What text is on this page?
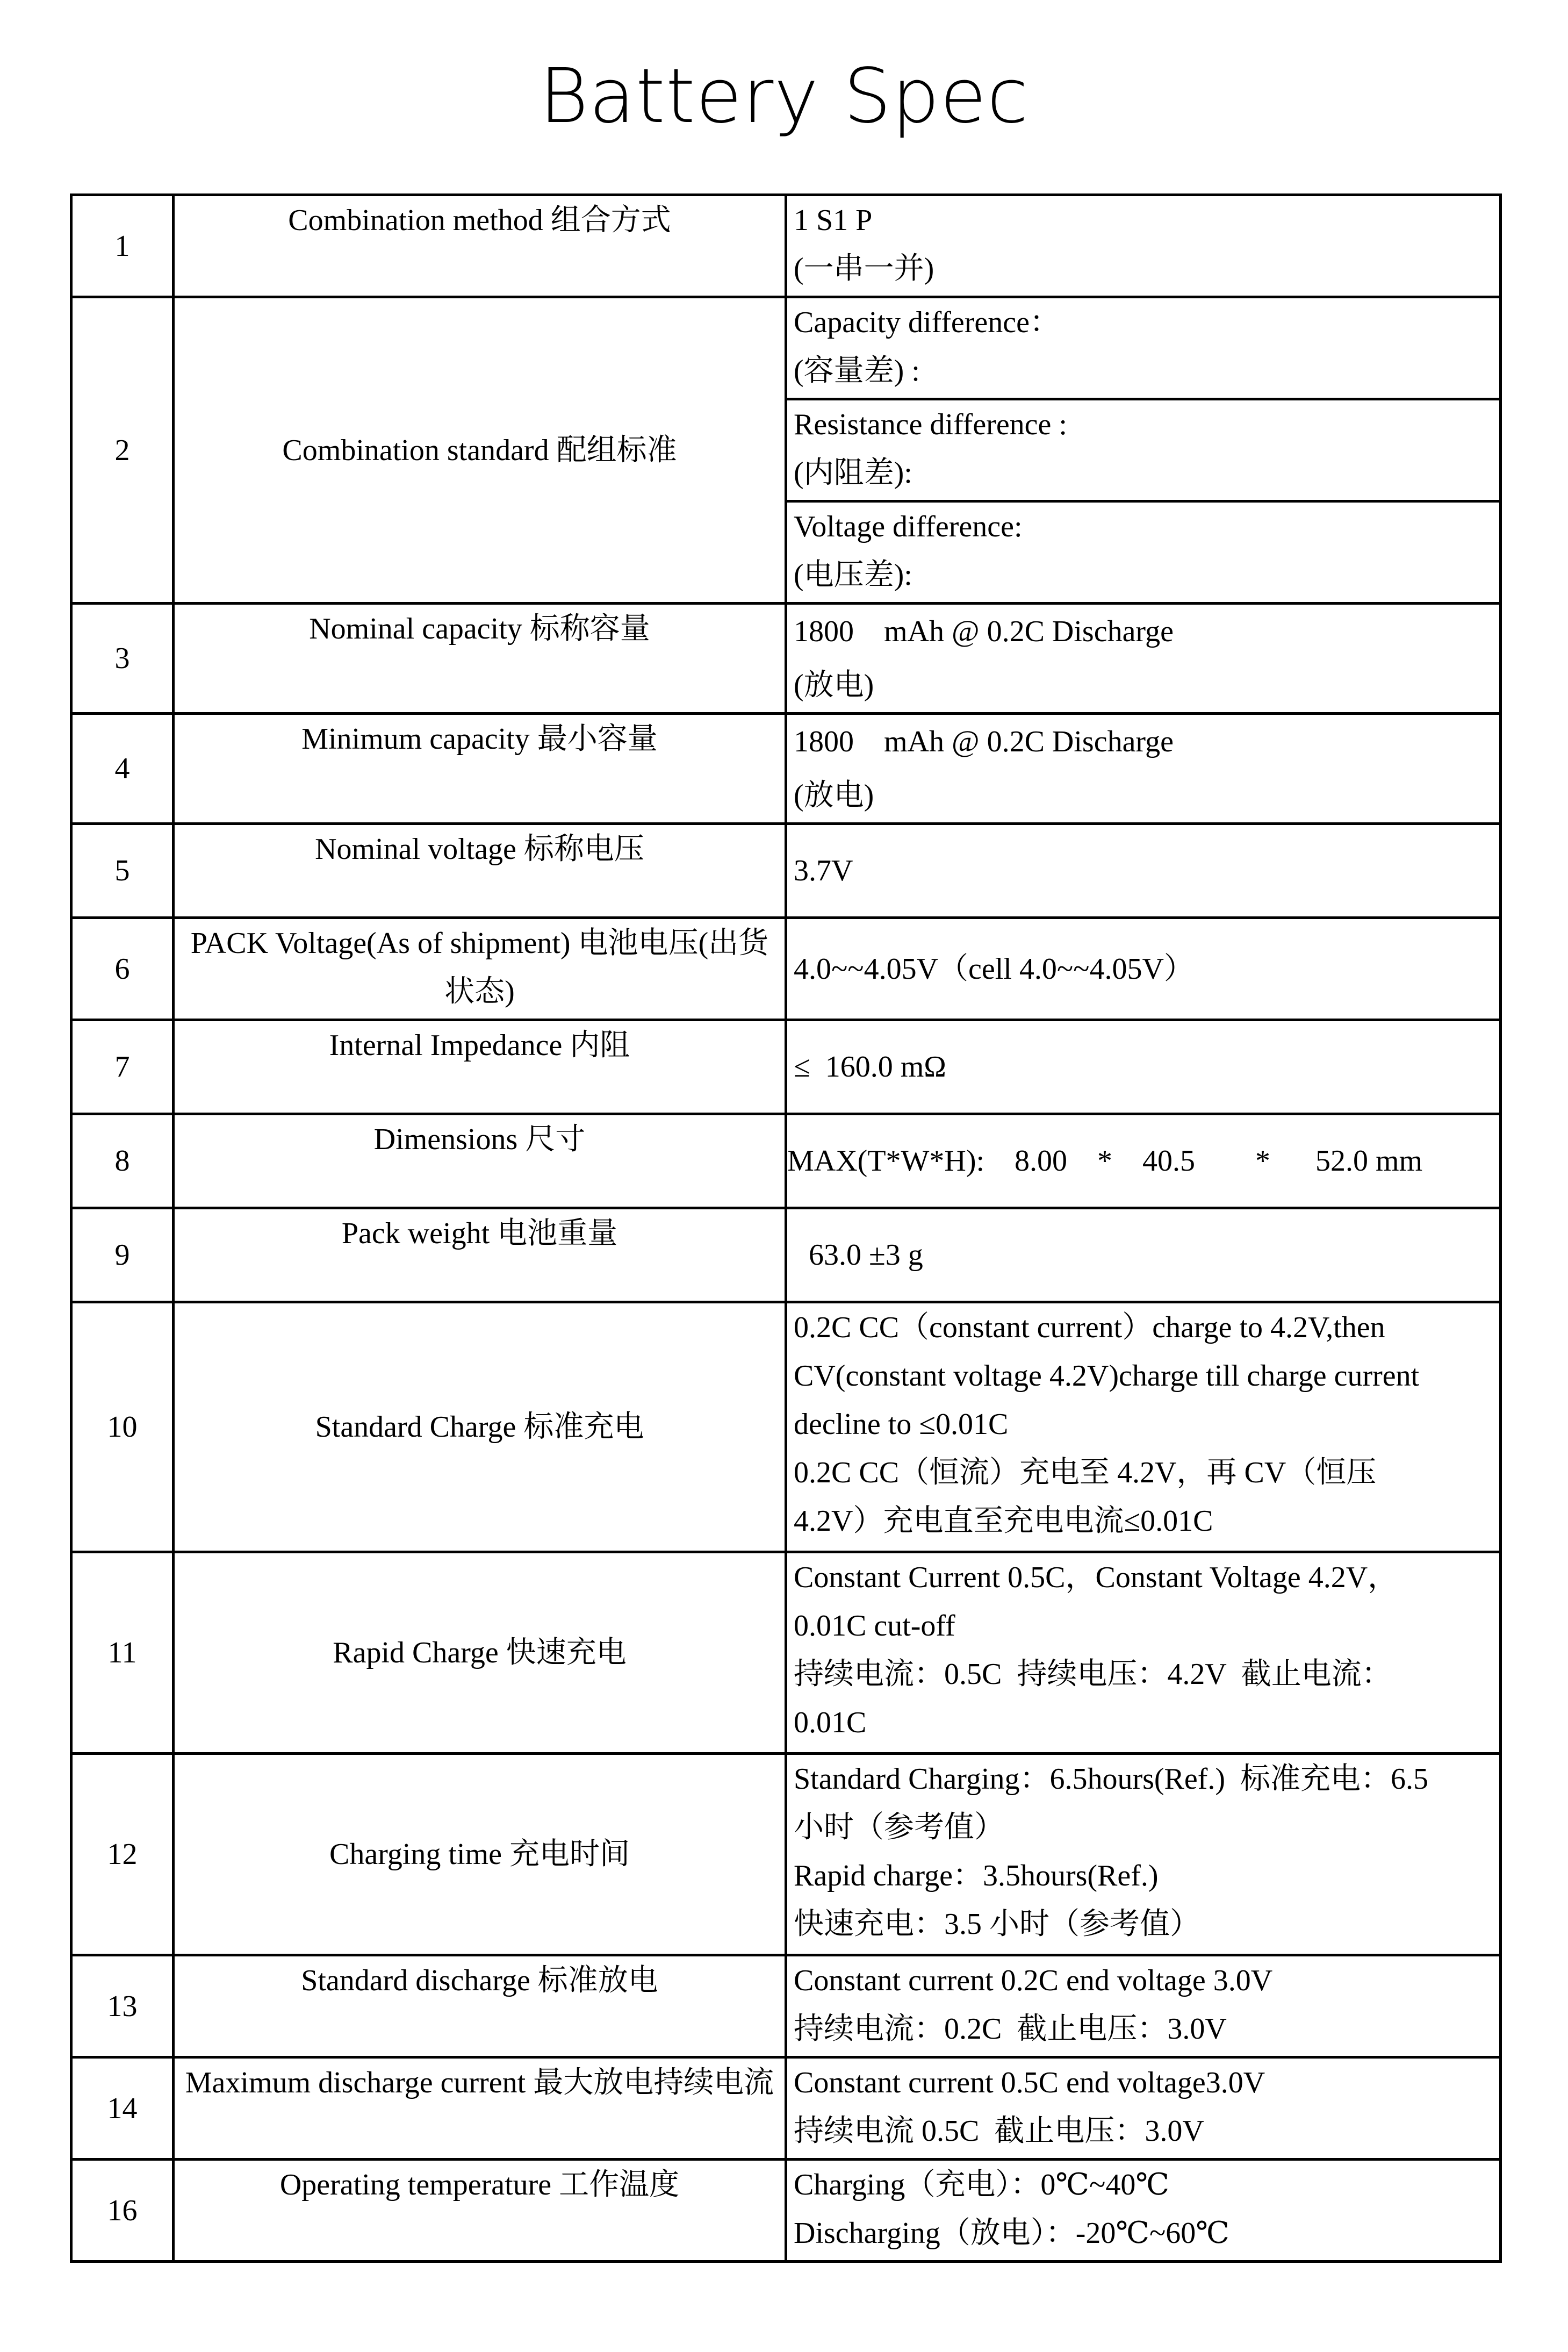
Battery Spec
1	Combination method 组合方式	1 S1 P
(一串一并)

2	Combination standard 配组标准	Capacity difference：
(容量差) :

		Resistance difference :
(内阻差):

		Voltage difference:
(电压差):

3	Nominal capacity 标称容量	1800    mAh @ 0.2C Discharge
(放电)

4	Minimum capacity 最小容量	1800    mAh @ 0.2C Discharge
(放电)

5	Nominal voltage 标称电压	3.7V

6	PACK Voltage(As of shipment) 电池电压(出货状态)	4.0~~4.05V（cell 4.0~~4.05V）

7	Internal Impedance 内阻	≤  160.0 mΩ

8	Dimensions 尺寸	MAX(T*W*H):    8.00    *    40.5        *      52.0 mm

9	Pack weight 电池重量	63.0 ±3 g

10	Standard Charge 标准充电	0.2C CC（constant current）charge to 4.2V,then
CV(constant voltage 4.2V)charge till charge current
decline to ≤0.01C
0.2C CC（恒流）充电至 4.2V，再 CV（恒压
4.2V）充电直至充电电流≤0.01C

11	Rapid Charge 快速充电	Constant Current 0.5C，Constant Voltage 4.2V，
0.01C cut-off
持续电流：0.5C  持续电压：4.2V  截止电流：
0.01C

12	Charging time 充电时间	Standard Charging：6.5hours(Ref.)  标准充电：6.5
小时（参考值）
Rapid charge：3.5hours(Ref.)
快速充电：3.5 小时（参考值）

13	Standard discharge 标准放电	Constant current 0.2C end voltage 3.0V
持续电流：0.2C  截止电压：3.0V

14	Maximum discharge current 最大放电持续电流	Constant current 0.5C end voltage3.0V
持续电流 0.5C  截止电压：3.0V

16	Operating temperature 工作温度	Charging（充电）：0℃~40℃
Discharging（放电）：-20℃~60℃
